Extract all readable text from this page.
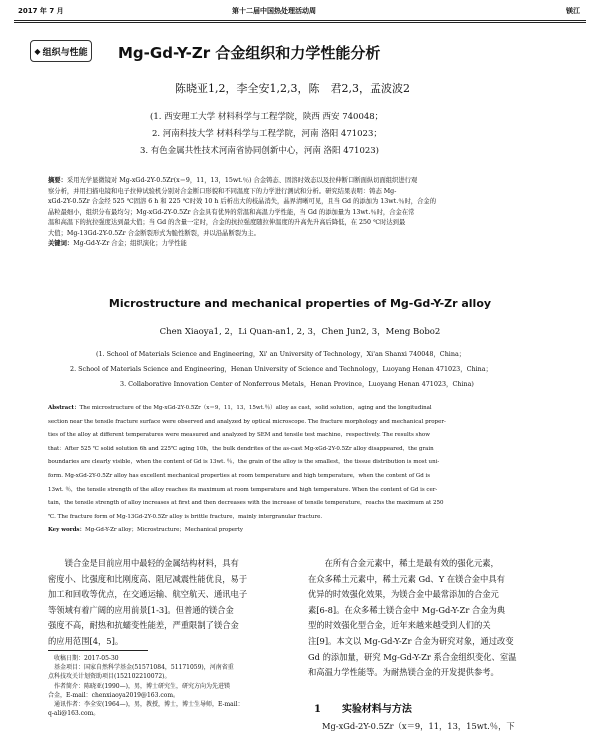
2017 年 7 月	第十二届中国热处理活动周	镁江
◆ 组织与性能 Mg-Gd-Y-Zr 合金组织和力学性能分析
陈晓亚1,2，李全安1,2,3，陈　君2,3，孟波波2
(1. 西安理工大学 材料科学与工程学院，陕西 西安 740048；
2. 河南科技大学 材料科学与工程学院，河南 洛阳 471023；
3. 有色金属共性技术河南省协同创新中心，河南 洛阳 471023)
摘要：采用光学显微镜对 Mg-xGd-2Y-0.5Zr(x＝9，11，13，15wt.％) 合金铸态、固溶时效态以及拉伸断口断面纵切面组织进行观
察分析，并用扫描电镜和电子拉伸试验机分别对合金断口形貌和不同温度下的力学进行测试和分析。研究结果表明：铸态 Mg-
xGd-2Y-0.5Zr 合金经 525 ℃固溶 6 h 和 225 ℃时效 10 h 后析出大的枝晶消失，晶界清晰可见，且当 Gd 的添加为 13wt.％时，合金的
晶粒最细小，组织分布最均匀；Mg-xGd-2Y-0.5Zr 合金具有优异的常温和高温力学性能，当 Gd 的添加量为 13wt.％时，合金在常
温和高温下的抗拉强度达到最大值；当 Gd 的含量一定时，合金的抗拉强度随拉伸温度的升高先升高后降低，在 250 ℃时达到最
大值；Mg-13Gd-2Y-0.5Zr 合金断裂形式为脆性断裂，并以沿晶断裂为主。
关键词：Mg-Gd-Y-Zr 合金；组织演化；力学性能
Microstructure and mechanical properties of Mg-Gd-Y-Zr alloy
Chen Xiaoya1, 2，Li Quan-an1, 2, 3，Chen Jun2, 3，Meng Bobo2
(1. School of Materials Science and Engineering，Xi' an University of Technology，Xi'an Shanxi 740048，China；
2. School of Materials Science and Engineering，Henan University of Science and Technology，Luoyang Henan 471023，China；
3. Collaborative Innovation Center of Nonferrous Metals，Henan Province，Luoyang Henan 471023，China)
Abstract：The microstructure of the Mg-xGd-2Y-0.5Zr（x＝9，11，13，15wt.％）alloy as cast，solid solution，aging and the longitudinal
section near the tensile fracture surface were observed and analyzed by optical microscope. The fracture morphology and mechanical proper-
ties of the alloy at different temperatures were measured and analyzed by SEM and tensile test machine，respectively. The results show
that：After 525 ℃ solid solution 6h and 225℃ aging 10h，the bulk dendrites of the as-cast Mg-xGd-2Y-0.5Zr alloy disappeared，the grain
boundaries are clearly visible，when the content of Gd is 13wt. ％，the grain of the alloy is the smallest，the tissue distribution is most uni-
form. Mg-xGd-2Y-0.5Zr alloy has excellent mechanical properties at room temperature and high temperature，when the content of Gd is
13wt. ％，the tensile strength of the alloy reaches its maximum at room temperature and high temperature. When the content of Gd is cer-
tain，the tensile strength of alloy increases at first and then decreases with the increase of tensile temperature，reachs the maximum at 250
℃. The fracture form of Mg-13Gd-2Y-0.5Zr alloy is brittle fracture，mainly intergranular fracture.
Key words：Mg-Gd-Y-Zr alloy；Microstructure；Mechanical property
　　镁合金是目前应用中最轻的金属结构材料，具有
密度小、比强度和比刚度高、阻尼减震性能优良，易于
加工和回收等优点，在交通运输、航空航天、通讯电子
等领域有着广阔的应用前景[1-3]。但普通的镁合金
强度不高，耐热和抗蠕变性能差，严重限制了镁合金
的应用范围[4，5]。
　收稿日期：2017-05-30
　基金项目：国家自然科学基金(51571084，51171059)，河南省重
点科技攻关计划资助项目(152102210072)。
　作者简介：陈晓亚(1990—)，男，博士研究生，研究方向为先进镁
合金，E-mail：chenxiaoya2019@163.com。
　通讯作者：李全安(1964—)，男，教授，博士，博士生导师，E-mail：
q-ali@163.com。
　　在所有合金元素中，稀土是最有效的强化元素，
在众多稀土元素中，稀土元素 Gd、Y 在镁合金中具有
优异的时效强化效果，为镁合金中最常添加的合金元
素[6-8]。在众多稀土镁合金中 Mg-Gd-Y-Zr 合金为典
型的时效强化型合金，近年来越来越受到人们的关
注[9]。本文以 Mg-Gd-Y-Zr 合金为研究对象，通过改变
Gd 的添加量，研究 Mg-Gd-Y-Zr 系合金组织变化、室温
和高温力学性能等。为耐热镁合金的开发提供参考。
1 实验材料与方法
Mg-xGd-2Y-0.5Zr（x＝9，11，13，15wt.％，下
